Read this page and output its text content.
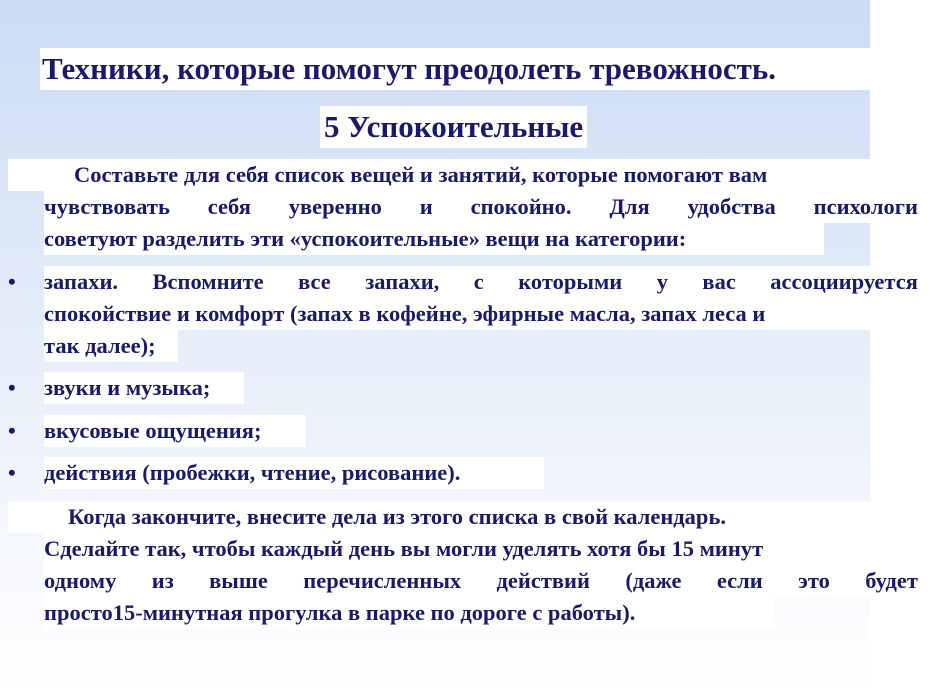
Техники, которые помогут преодолеть тревожность.
5 Успокоительные
Составьте для себя список вещей и занятий, которые помогают вам
чувствовать себя уверенно и спокойно. Для удобства психологи
советуют разделить эти «успокоительные» вещи на категории:
• запахи. Вспомните все запахи, с которыми у вас ассоциируется
спокойствие и комфорт (запах в кофейне, эфирные масла, запах леса и
так далее);
• звуки и музыка;
• вкусовые ощущения;
• действия (пробежки, чтение, рисование).
Когда закончите, внесите дела из этого списка в свой календарь.
Сделайте так, чтобы каждый день вы могли уделять хотя бы 15 минут
одному из выше перечисленных действий (даже если это будет
просто15-минутная прогулка в парке по дороге с работы).
